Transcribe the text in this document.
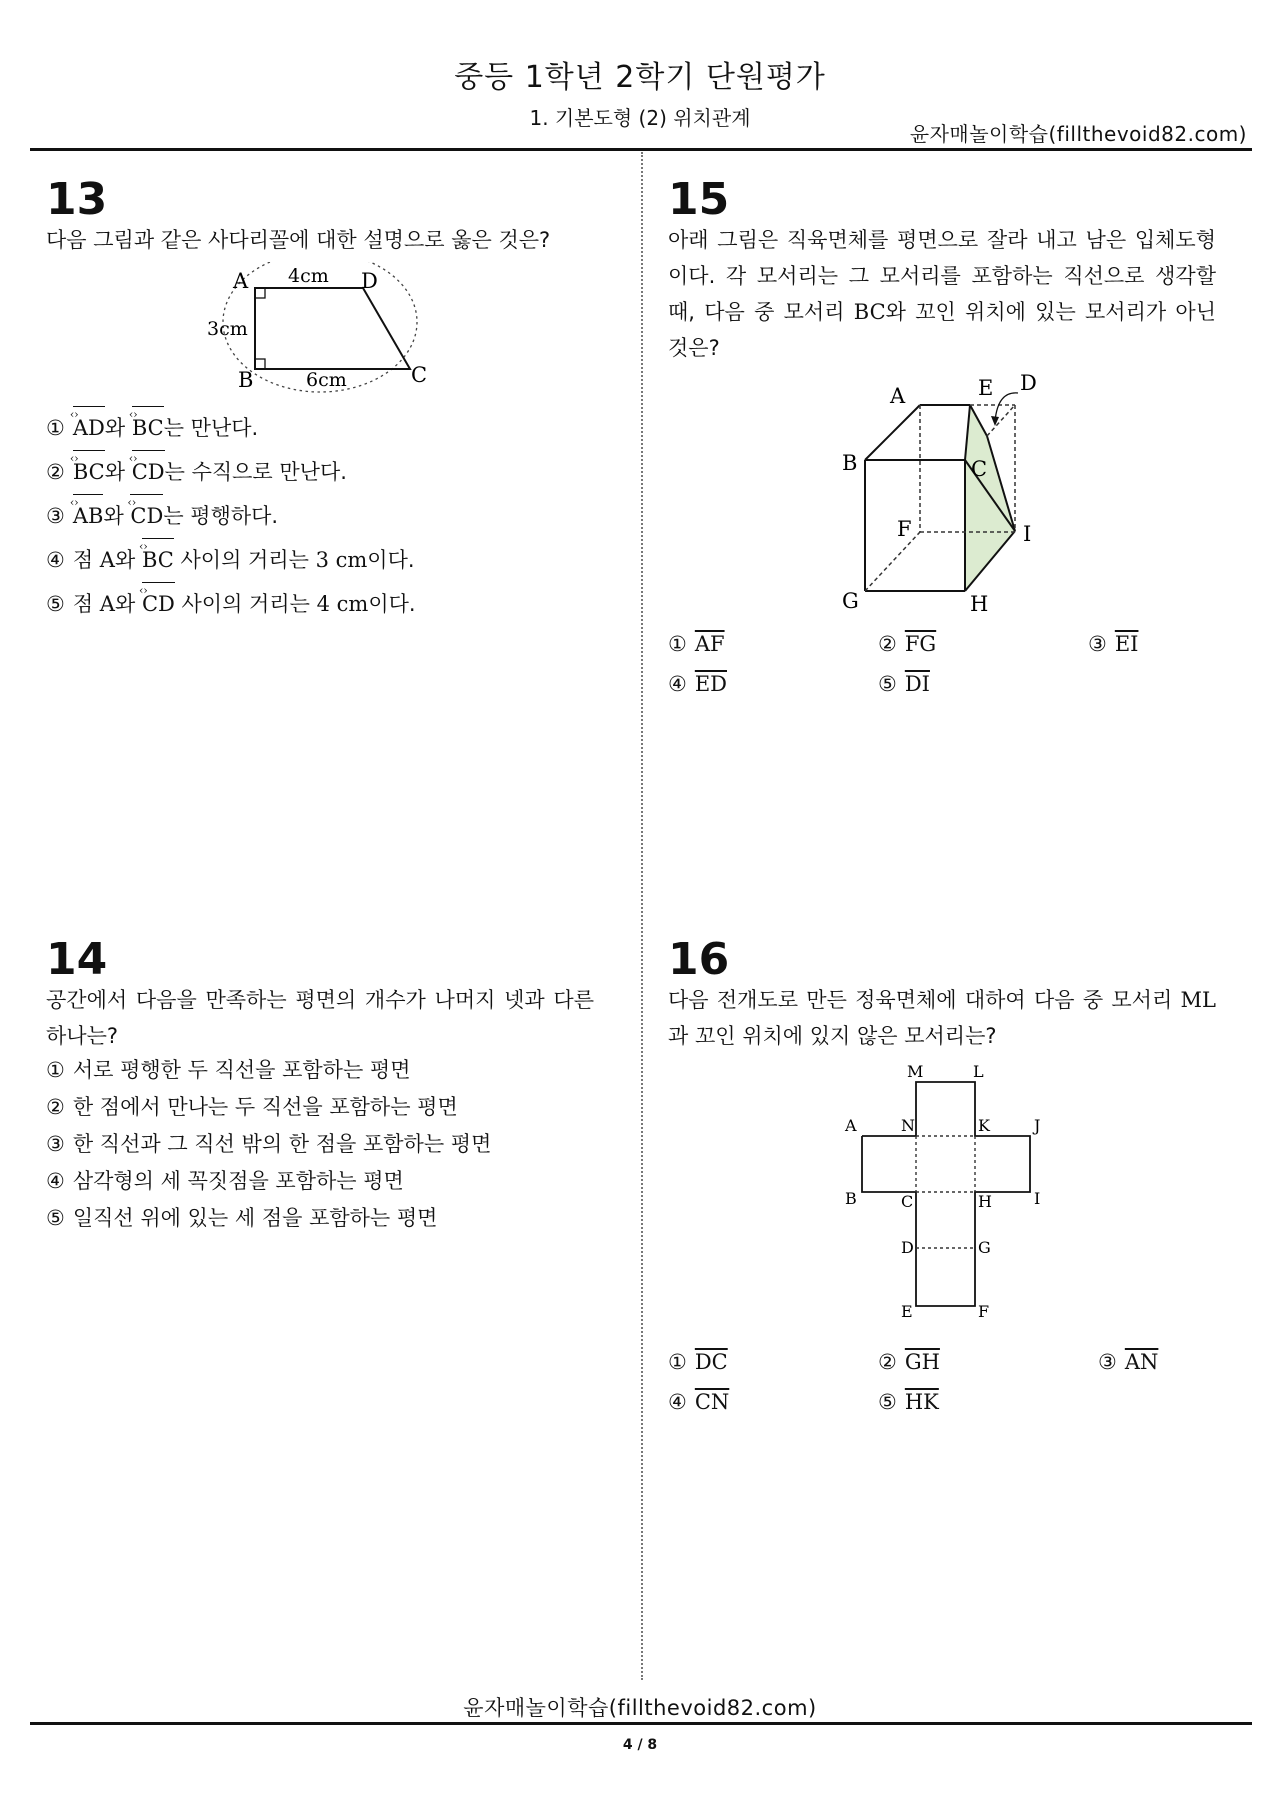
중등 1학년 2학기 단원평가
1. 기본도형 (2) 위치관계
윤자매놀이학습(fillthevoid82.com)
13
다음 그림과 같은 사다리꼴에 대한 설명으로 옳은 것은?
A
B	C
D
4cm
3cm
6cm
① AD ‹›와 BC ‹›는 만난다.
② BC ‹›와 CD ‹›는 수직으로 만난다.
③ AB ‹›와 CD ‹›는 평행하다.
④ 점 A와 BC ‹› 사이의 거리는 3 cm이다.
⑤ 점 A와 CD ‹› 사이의 거리는 4 cm이다.
14
공간에서 다음을 만족하는 평면의 개수가 나머지 넷과 다른 하나는?
① 서로 평행한 두 직선을 포함하는 평면
② 한 점에서 만나는 두 직선을 포함하는 평면
③ 한 직선과 그 직선 밖의 한 점을 포함하는 평면
④ 삼각형의 세 꼭짓점을 포함하는 평면
⑤ 일직선 위에 있는 세 점을 포함하는 평면
15
아래 그림은 직육면체를 평면으로 잘라 내고 남은 입체도형이다. 각 모서리는 그 모서리를 포함하는 직선으로 생각할 때, 다음 중 모서리 BC와 꼬인 위치에 있는 모서리가 아닌 것은?
A
B	C
D
E
F
G	H
I
① $\overline{AF}$	② $\overline{FG}$	③ $\overline{EI}$
④ $\overline{ED}$	⑤ $\overline{DI}$
16
다음 전개도로 만든 정육면체에 대하여 다음 중 모서리 ML과 꼬인 위치에 있지 않은 모서리는?
M	L
A	N	K	J
B	C	H	I
D	G
E	F
① $\overline{DC}$	② $\overline{GH}$	③ $\overline{AN}$
④ $\overline{CN}$	⑤ $\overline{HK}$
윤자매놀이학습(fillthevoid82.com)
4 / 8
